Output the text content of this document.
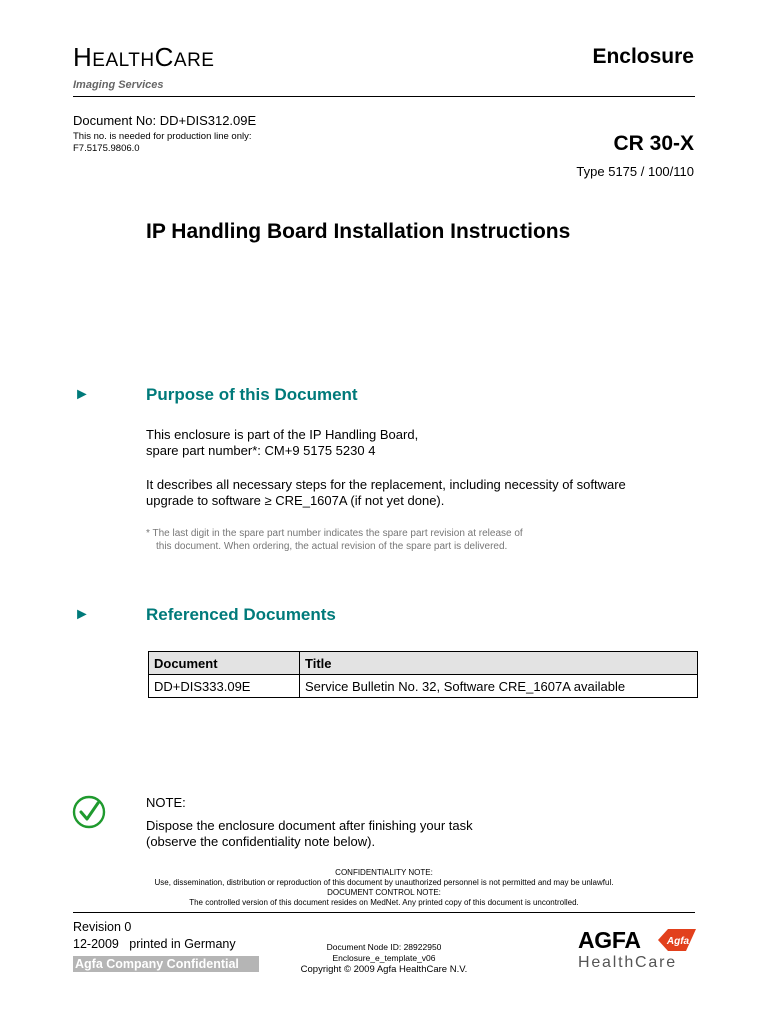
HEALTHCARE
Imaging Services
Enclosure
Document No: DD+DIS312.09E
This no. is needed for production line only:
F7.5175.9806.0	CR 30-X
Type 5175 / 100/110
IP Handling Board Installation Instructions
►	Purpose of this Document
This enclosure is part of the IP Handling Board,
spare part number*: CM+9 5175 5230 4
It describes all necessary steps for the replacement, including necessity of software
upgrade to software ≥ CRE_1607A (if not yet done).
* The last digit in the spare part number indicates the spare part revision at release of
this document. When ordering, the actual revision of the spare part is delivered.
►	Referenced Documents
Document	Title
DD+DIS333.09E	Service Bulletin No. 32, Software CRE_1607A available
NOTE:
Dispose the enclosure document after finishing your task
(observe the confidentiality note below).
CONFIDENTIALITY NOTE:
Use, dissemination, distribution or reproduction of this document by unauthorized personnel is not permitted and may be unlawful.
DOCUMENT CONTROL NOTE:
The controlled version of this document resides on MedNet. Any printed copy of this document is uncontrolled.
Revision 0
12-2009   printed in Germany
Agfa Company Confidential
Document Node ID: 28922950
Enclosure_e_template_v06
Copyright © 2009 Agfa HealthCare N.V.
AGFA	Agfa
HealthCare
